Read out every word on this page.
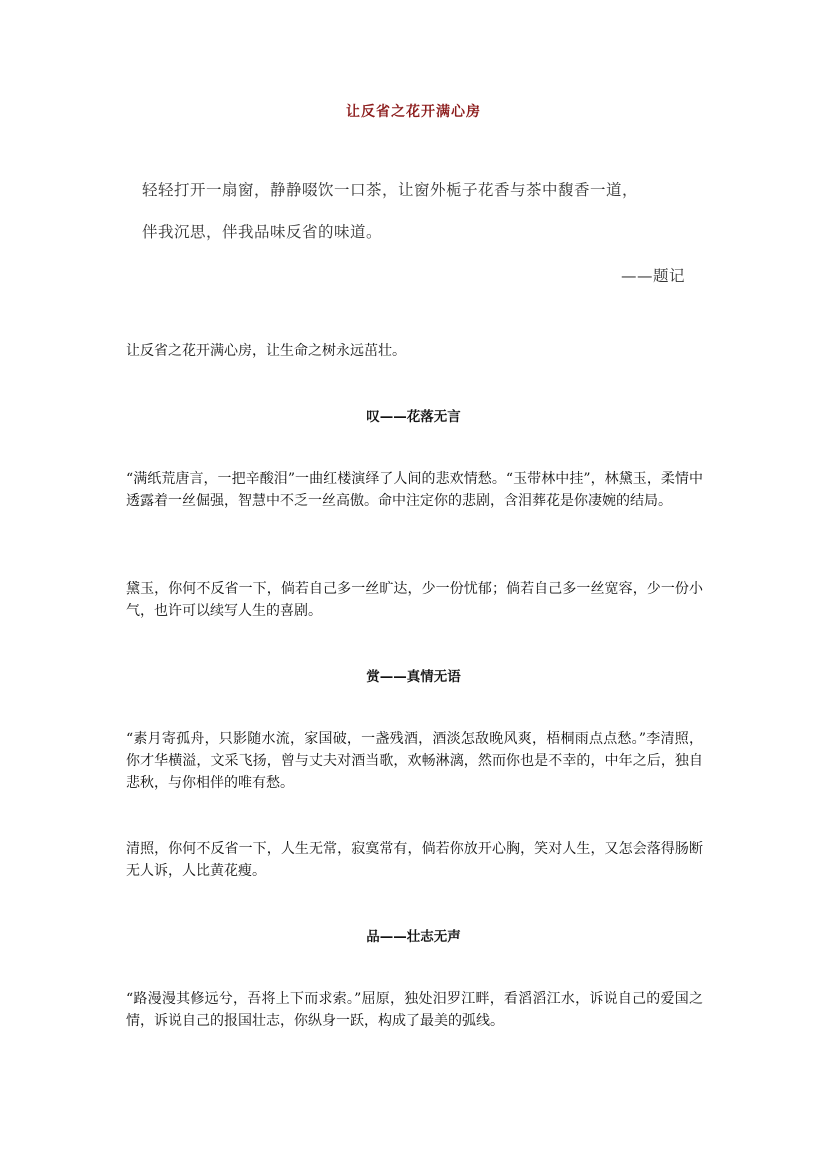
让反省之花开满心房
轻轻打开一扇窗，静静啜饮一口茶，让窗外栀子花香与茶中馥香一道，
伴我沉思，伴我品味反省的味道。
——题记
让反省之花开满心房，让生命之树永远茁壮。
叹——花落无言
“满纸荒唐言，一把辛酸泪”一曲红楼演绎了人间的悲欢情愁。“玉带林中挂”，林黛玉，柔情中透露着一丝倔强，智慧中不乏一丝高傲。命中注定你的悲剧，含泪葬花是你凄婉的结局。
黛玉，你何不反省一下，倘若自己多一丝旷达，少一份忧郁；倘若自己多一丝宽容，少一份小气，也许可以续写人生的喜剧。
赏——真情无语
“素月寄孤舟，只影随水流，家国破，一盏残酒，酒淡怎敌晚风爽，梧桐雨点点愁。”李清照，你才华横溢，文采飞扬，曾与丈夫对酒当歌，欢畅淋漓，然而你也是不幸的，中年之后，独自悲秋，与你相伴的唯有愁。
清照，你何不反省一下，人生无常，寂寞常有，倘若你放开心胸，笑对人生，又怎会落得肠断无人诉，人比黄花瘦。
品——壮志无声
“路漫漫其修远兮，吾将上下而求索。”屈原，独处汨罗江畔，看滔滔江水，诉说自己的爱国之情，诉说自己的报国壮志，你纵身一跃，构成了最美的弧线。
